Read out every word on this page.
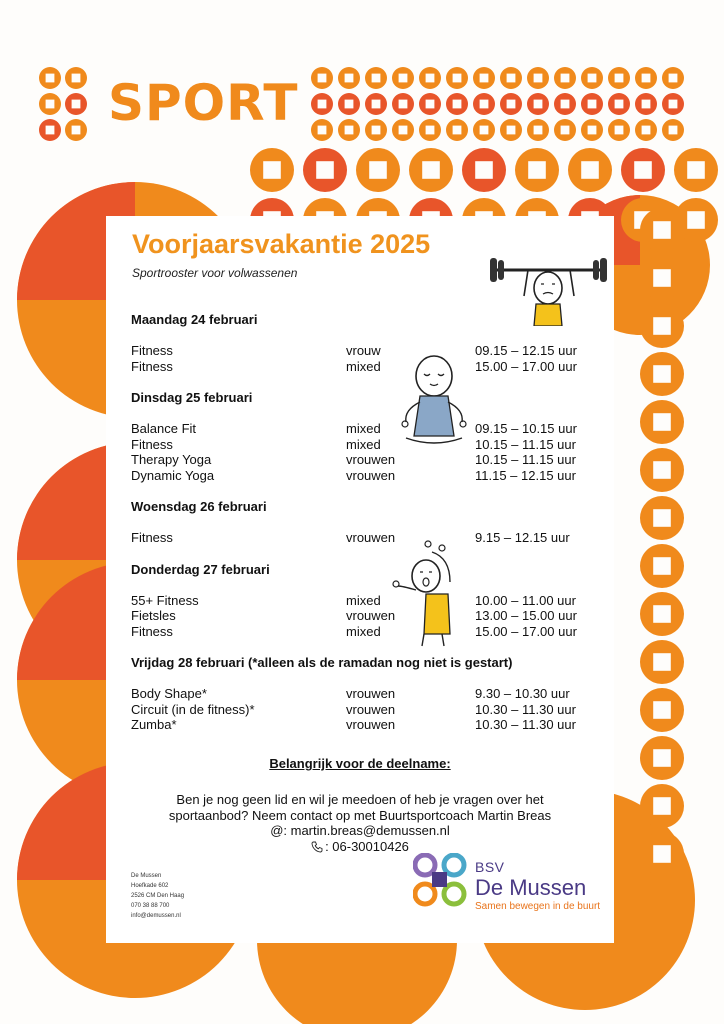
SPORT
Voorjaarsvakantie 2025
Sportrooster voor volwassenen
Maandag 24 februari
Fitness	vrouw	09.15 – 12.15 uur
Fitness	mixed	15.00 – 17.00 uur
Dinsdag 25 februari
Balance Fit	mixed	09.15 – 10.15 uur
Fitness	mixed	10.15 – 11.15 uur
Therapy Yoga	vrouwen	10.15 – 11.15 uur
Dynamic Yoga	vrouwen	11.15 – 12.15 uur
Woensdag 26 februari
Fitness	vrouwen	9.15 – 12.15 uur
Donderdag 27 februari
55+ Fitness	mixed	10.00 – 11.00 uur
Fietsles	vrouwen	13.00 – 15.00 uur
Fitness	mixed	15.00 – 17.00 uur
Vrijdag 28 februari (*alleen als de ramadan nog niet is gestart)
Body Shape*	vrouwen	9.30 – 10.30 uur
Circuit (in de fitness)*	vrouwen	10.30 – 11.30 uur
Zumba*	vrouwen	10.30 – 11.30 uur
Belangrijk voor de deelname:
Ben je nog geen lid en wil je meedoen of heb je vragen over het
sportaanbod? Neem contact op met Buurtsportcoach Martin Breas
@: martin.breas@demussen.nl
: 06-30010426
De Mussen
Hoefkade 602
2526 CM Den Haag
070 38 88 700
info@demussen.nl
BSV
De Mussen
Samen bewegen in de buurt
